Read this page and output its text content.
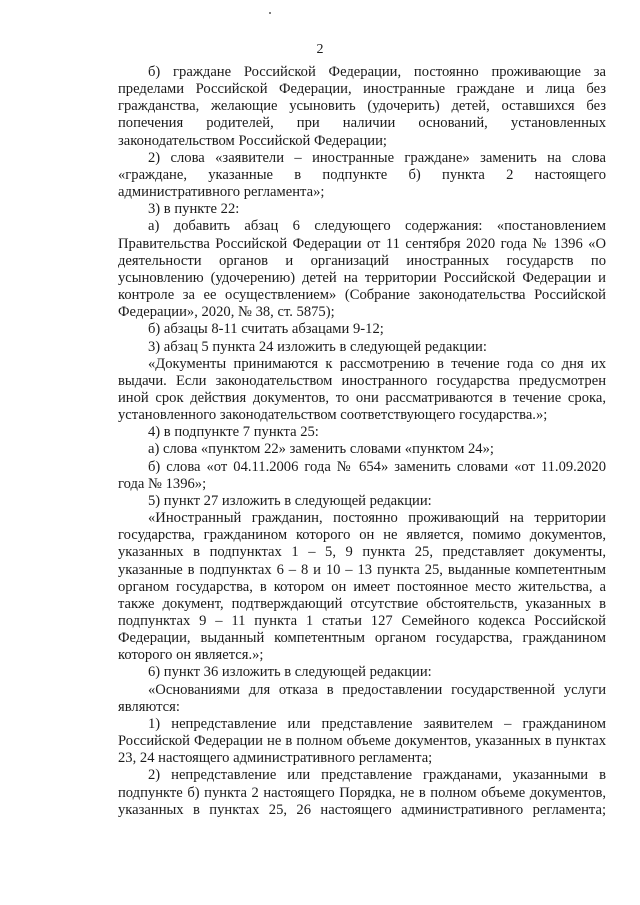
2

б) граждане Российской Федерации, постоянно проживающие за пределами Российской Федерации, иностранные граждане и лица без гражданства, желающие усыновить (удочерить) детей, оставшихся без попечения родителей, при наличии оснований, установленных законодательством Российской Федерации;

2) слова «заявители – иностранные граждане» заменить на слова «граждане, указанные в подпункте б) пункта 2 настоящего административного регламента»;

3) в пункте 22:

а) добавить абзац 6 следующего содержания: «постановлением Правительства Российской Федерации от 11 сентября 2020 года № 1396 «О деятельности органов и организаций иностранных государств по усыновлению (удочерению) детей на территории Российской Федерации и контроле за ее осуществлением» (Собрание законодательства Российской Федерации», 2020, № 38, ст. 5875);

б) абзацы 8-11 считать абзацами 9-12;

3) абзац 5 пункта 24 изложить в следующей редакции:

«Документы принимаются к рассмотрению в течение года со дня их выдачи. Если законодательством иностранного государства предусмотрен иной срок действия документов, то они рассматриваются в течение срока, установленного законодательством соответствующего государства.»;

4) в подпункте 7 пункта 25:

а) слова «пунктом 22» заменить словами «пунктом 24»;

б) слова «от 04.11.2006 года № 654» заменить словами «от 11.09.2020 года № 1396»;

5) пункт 27 изложить в следующей редакции:

«Иностранный гражданин, постоянно проживающий на территории государства, гражданином которого он не является, помимо документов, указанных в подпунктах 1 – 5, 9 пункта 25, представляет документы, указанные в подпунктах 6 – 8 и 10 – 13 пункта 25, выданные компетентным органом государства, в котором он имеет постоянное место жительства, а также документ, подтверждающий отсутствие обстоятельств, указанных в подпунктах 9 – 11 пункта 1 статьи 127 Семейного кодекса Российской Федерации, выданный компетентным органом государства, гражданином которого он является.»;

6) пункт 36 изложить в следующей редакции:

«Основаниями для отказа в предоставлении государственной услуги являются:

1) непредставление или представление заявителем – гражданином Российской Федерации не в полном объеме документов, указанных в пунктах 23, 24 настоящего административного регламента;

2) непредставление или представление гражданами, указанными в подпункте б) пункта 2 настоящего Порядка, не в полном объеме документов, указанных в пунктах 25, 26 настоящего административного регламента;
